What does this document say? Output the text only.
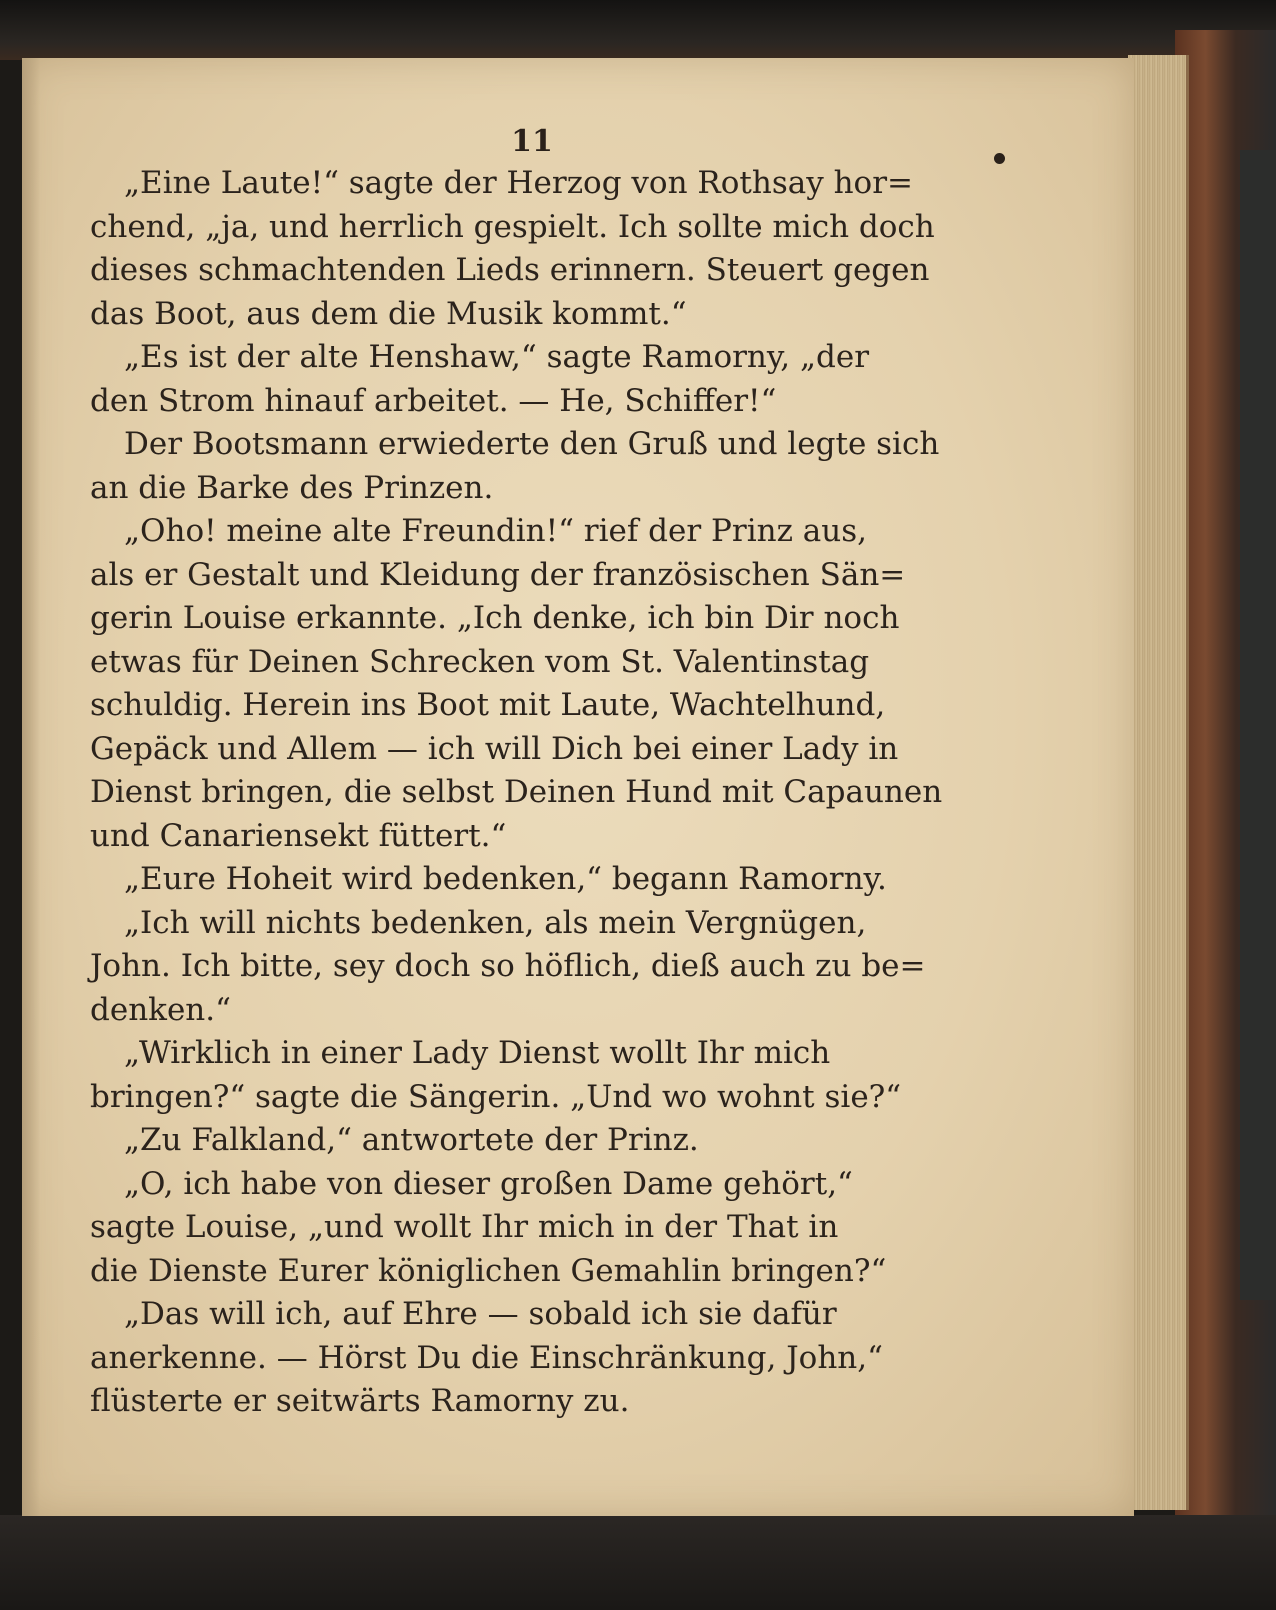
11
„Eine Laute!“ sagte der Herzog von Rothsay hor=
chend, „ja, und herrlich gespielt. Ich sollte mich doch
dieses schmachtenden Lieds erinnern. Steuert gegen
das Boot, aus dem die Musik kommt.“
„Es ist der alte Henshaw,“ sagte Ramorny, „der
den Strom hinauf arbeitet. — He, Schiffer!“
Der Bootsmann erwiederte den Gruß und legte sich
an die Barke des Prinzen.
„Oho! meine alte Freundin!“ rief der Prinz aus,
als er Gestalt und Kleidung der französischen Sän=
gerin Louise erkannte. „Ich denke, ich bin Dir noch
etwas für Deinen Schrecken vom St. Valentinstag
schuldig. Herein ins Boot mit Laute, Wachtelhund,
Gepäck und Allem — ich will Dich bei einer Lady in
Dienst bringen, die selbst Deinen Hund mit Capaunen
und Canariensekt füttert.“
„Eure Hoheit wird bedenken,“ begann Ramorny.
„Ich will nichts bedenken, als mein Vergnügen,
John. Ich bitte, sey doch so höflich, dieß auch zu be=
denken.“
„Wirklich in einer Lady Dienst wollt Ihr mich
bringen?“ sagte die Sängerin. „Und wo wohnt sie?“
„Zu Falkland,“ antwortete der Prinz.
„O, ich habe von dieser großen Dame gehört,“
sagte Louise, „und wollt Ihr mich in der That in
die Dienste Eurer königlichen Gemahlin bringen?“
„Das will ich, auf Ehre — sobald ich sie dafür
anerkenne. — Hörst Du die Einschränkung, John,“
flüsterte er seitwärts Ramorny zu.
